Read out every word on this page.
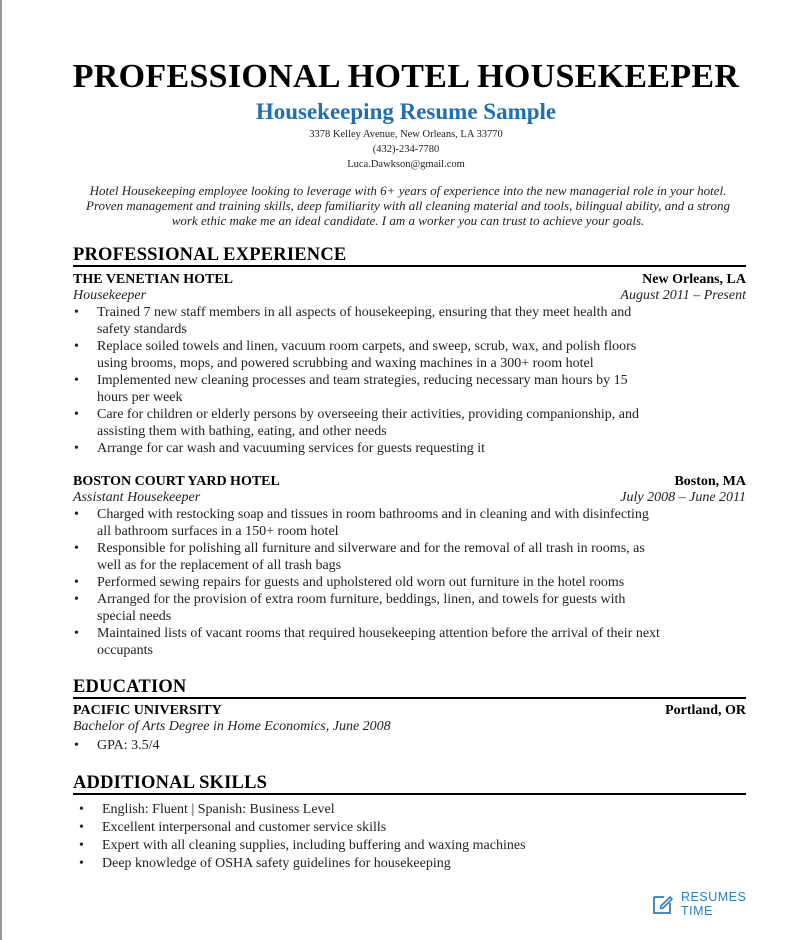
PROFESSIONAL HOTEL HOUSEKEEPER
Housekeeping Resume Sample
3378 Kelley Avenue, New Orleans, LA 33770
(432)-234-7780
Luca.Dawkson@gmail.com
Hotel Housekeeping employee looking to leverage with 6+ years of experience into the new managerial role in your hotel.
Proven management and training skills, deep familiarity with all cleaning material and tools, bilingual ability, and a strong
work ethic make me an ideal candidate. I am a worker you can trust to achieve your goals.
PROFESSIONAL EXPERIENCE
THE VENETIAN HOTEL	New Orleans, LA
Housekeeper	August 2011 – Present
• Trained 7 new staff members in all aspects of housekeeping, ensuring that they meet health and
safety standards
• Replace soiled towels and linen, vacuum room carpets, and sweep, scrub, wax, and polish floors
using brooms, mops, and powered scrubbing and waxing machines in a 300+ room hotel
• Implemented new cleaning processes and team strategies, reducing necessary man hours by 15
hours per week
• Care for children or elderly persons by overseeing their activities, providing companionship, and
assisting them with bathing, eating, and other needs
• Arrange for car wash and vacuuming services for guests requesting it
BOSTON COURT YARD HOTEL	Boston, MA
Assistant Housekeeper	July 2008 – June 2011
• Charged with restocking soap and tissues in room bathrooms and in cleaning and with disinfecting
all bathroom surfaces in a 150+ room hotel
• Responsible for polishing all furniture and silverware and for the removal of all trash in rooms, as
well as for the replacement of all trash bags
• Performed sewing repairs for guests and upholstered old worn out furniture in the hotel rooms
• Arranged for the provision of extra room furniture, beddings, linen, and towels for guests with
special needs
• Maintained lists of vacant rooms that required housekeeping attention before the arrival of their next
occupants
EDUCATION
PACIFIC UNIVERSITY	Portland, OR
Bachelor of Arts Degree in Home Economics, June 2008
• GPA: 3.5/4
ADDITIONAL SKILLS
• English: Fluent | Spanish: Business Level
• Excellent interpersonal and customer service skills
• Expert with all cleaning supplies, including buffering and waxing machines
• Deep knowledge of OSHA safety guidelines for housekeeping
RESUMES
TIME
